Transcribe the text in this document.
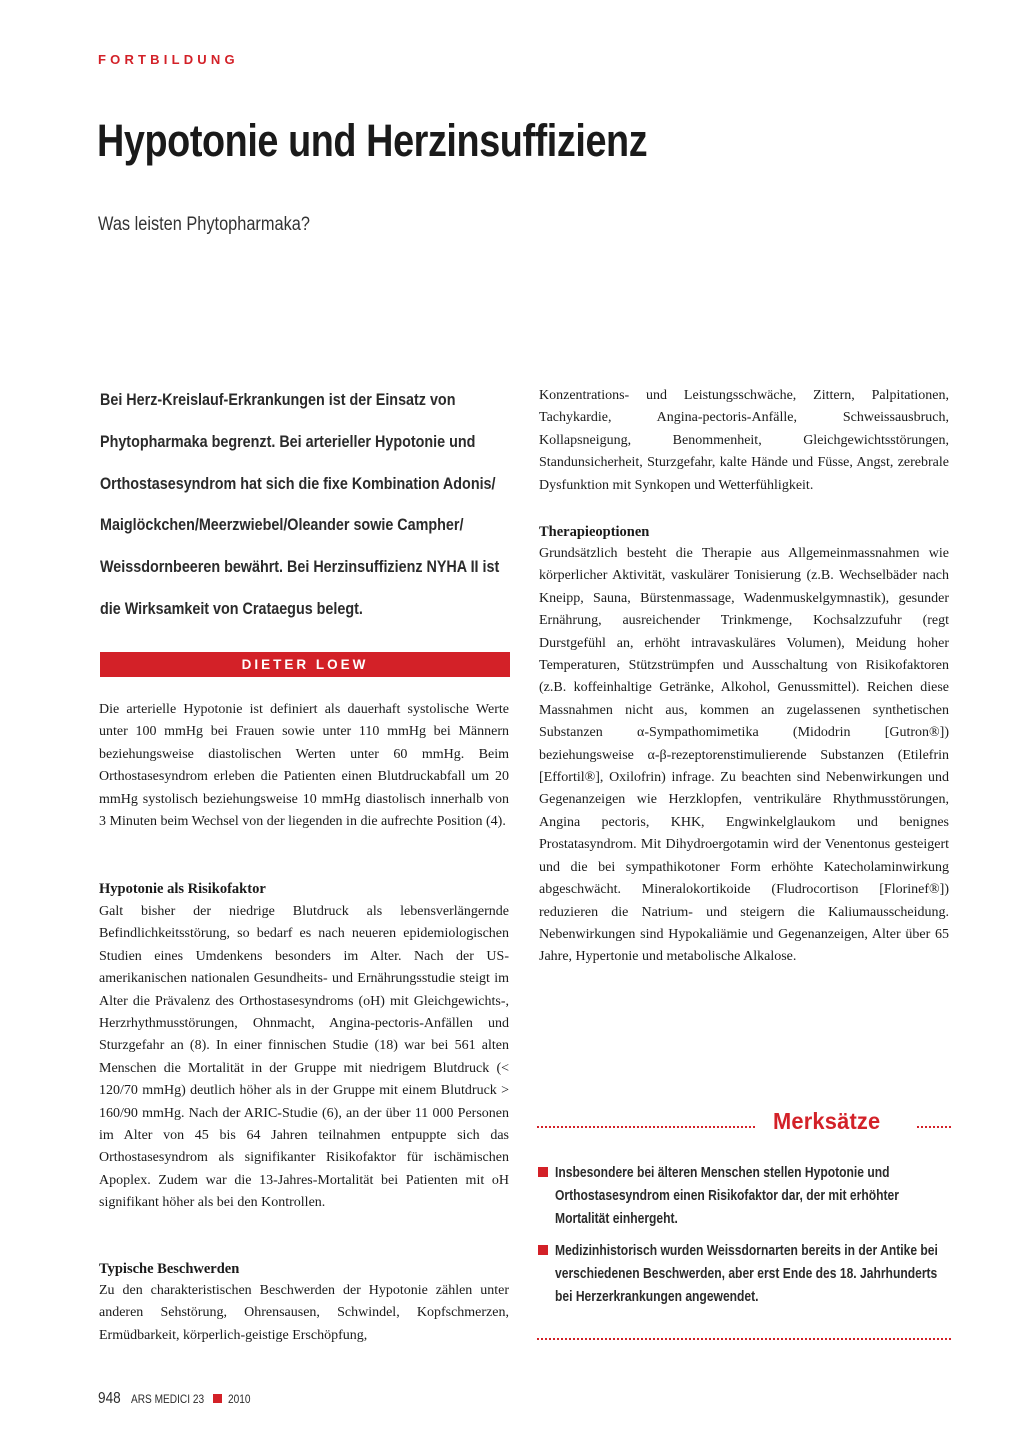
FORTBILDUNG
Hypotonie und Herzinsuffizienz
Was leisten Phytopharmaka?
Bei Herz-Kreislauf-Erkrankungen ist der Einsatz von Phytopharmaka begrenzt. Bei arterieller Hypotonie und Orthostasesyndrom hat sich die fixe Kombination Adonis/ Maiglöckchen/Meerzwiebel/Oleander sowie Campher/ Weissdornbeeren bewährt. Bei Herzinsuffizienz NYHA II ist die Wirksamkeit von Crataegus belegt.
DIETER LOEW

Die arterielle Hypotonie ist definiert als dauerhaft systolische Werte unter 100 mmHg bei Frauen sowie unter 110 mmHg bei Männern beziehungsweise diastolischen Werten unter 60 mmHg. Beim Orthostasesyndrom erleben die Patienten einen Blutdruckabfall um 20 mmHg systolisch beziehungsweise 10 mmHg diastolisch innerhalb von 3 Minuten beim Wechsel von der liegenden in die aufrechte Position (4).

Hypotonie als Risikofaktor

Galt bisher der niedrige Blutdruck als lebensverlängernde Befindlichkeitsstörung, so bedarf es nach neueren epidemiologischen Studien eines Umdenkens besonders im Alter. Nach der US-amerikanischen nationalen Gesundheits- und Ernährungsstudie steigt im Alter die Prävalenz des Orthostasesyndroms (oH) mit Gleichgewichts-, Herzrhythmusstörungen, Ohnmacht, Angina-pectoris-Anfällen und Sturzgefahr an (8). In einer finnischen Studie (18) war bei 561 alten Menschen die Mortalität in der Gruppe mit niedrigem Blutdruck (< 120/70 mmHg) deutlich höher als in der Gruppe mit einem Blutdruck > 160/90 mmHg. Nach der ARIC-Studie (6), an der über 11 000 Personen im Alter von 45 bis 64 Jahren teilnahmen entpuppte sich das Orthostasesyndrom als signifikanter Risikofaktor für ischämischen Apoplex. Zudem war die 13-Jahres-Mortalität bei Patienten mit oH signifikant höher als bei den Kontrollen.

Typische Beschwerden

Zu den charakteristischen Beschwerden der Hypotonie zählen unter anderen Sehstörung, Ohrensausen, Schwindel, Kopfschmerzen, Ermüdbarkeit, körperlich-geistige Erschöpfung,

Konzentrations- und Leistungsschwäche, Zittern, Palpitationen, Tachykardie, Angina-pectoris-Anfälle, Schweissausbruch, Kollapsneigung, Benommenheit, Gleichgewichtsstörungen, Standunsicherheit, Sturzgefahr, kalte Hände und Füsse, Angst, zerebrale Dysfunktion mit Synkopen und Wetterfühligkeit.

Therapieoptionen

Grundsätzlich besteht die Therapie aus Allgemeinmassnahmen wie körperlicher Aktivität, vaskulärer Tonisierung (z.B. Wechselbäder nach Kneipp, Sauna, Bürstenmassage, Wadenmuskelgymnastik), gesunder Ernährung, ausreichender Trinkmenge, Kochsalzzufuhr (regt Durstgefühl an, erhöht intravaskuläres Volumen), Meidung hoher Temperaturen, Stützstrümpfen und Ausschaltung von Risikofaktoren (z.B. koffeinhaltige Getränke, Alkohol, Genussmittel). Reichen diese Massnahmen nicht aus, kommen an zugelassenen synthetischen Substanzen α-Sympathomimetika (Midodrin [Gutron®]) beziehungsweise α-β-rezeptorenstimulierende Substanzen (Etilefrin [Effortil®], Oxilofrin) infrage. Zu beachten sind Nebenwirkungen und Gegenanzeigen wie Herzklopfen, ventrikuläre Rhythmusstörungen, Angina pectoris, KHK, Engwinkelglaukom und benignes Prostatasyndrom. Mit Dihydroergotamin wird der Venentonus gesteigert und die bei sympathikotoner Form erhöhte Katecholaminwirkung abgeschwächt. Mineralokortikoide (Fludrocortison [Florinef®]) reduzieren die Natrium- und steigern die Kaliumausscheidung. Nebenwirkungen sind Hypokaliämie und Gegenanzeigen, Alter über 65 Jahre, Hypertonie und metabolische Alkalose.

Merksätze
Insbesondere bei älteren Menschen stellen Hypotonie und Orthostasesyndrom einen Risikofaktor dar, der mit erhöhter Mortalität einhergeht.
Medizinhistorisch wurden Weissdornarten bereits in der Antike bei verschiedenen Beschwerden, aber erst Ende des 18. Jahrhunderts bei Herzerkrankungen angewendet.
948 ARS MEDICI 23 2010
